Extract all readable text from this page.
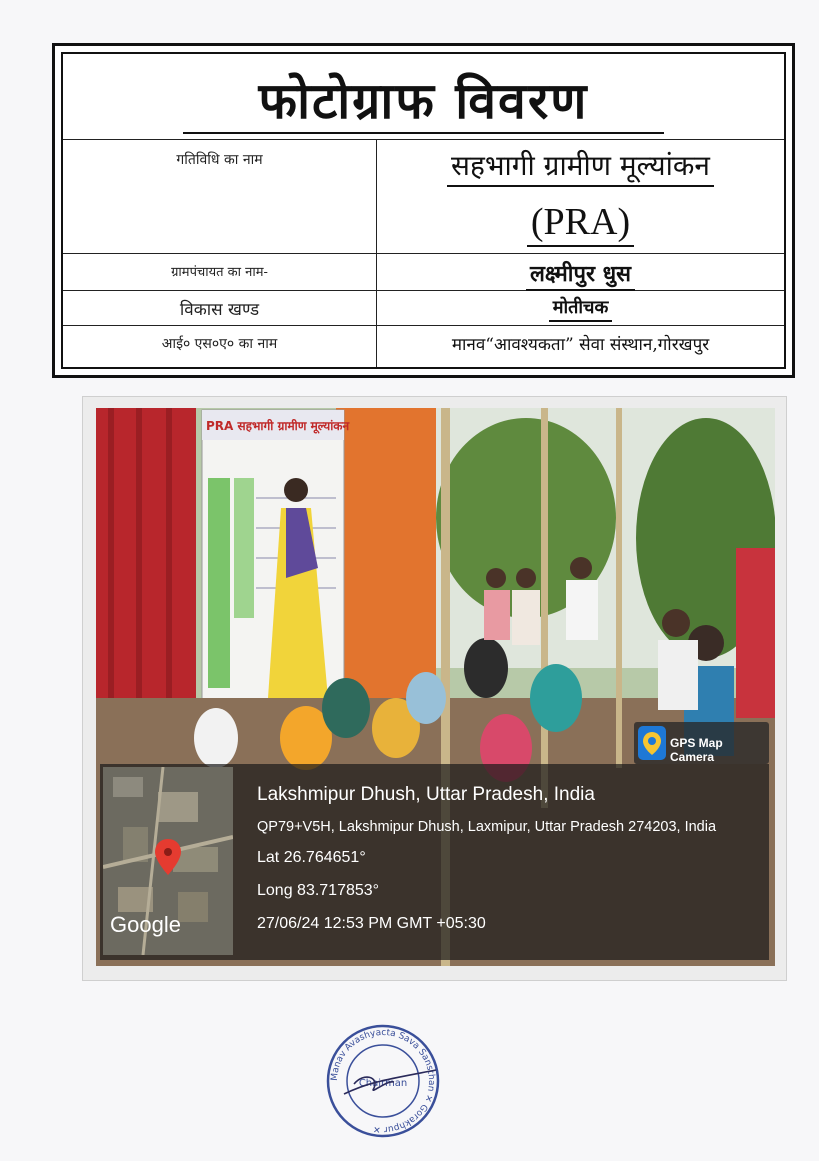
फोटोग्राफ विवरण
गतिविधि का नाम	सहभागी ग्रामीण मूल्यांकन
(PRA)
ग्रामपंचायत का नाम-	लक्ष्मीपुर धुस
विकास खण्ड	मोतीचक
आई० एस०ए० का नाम	मानव“आवश्यकता” सेवा संस्थान,गोरखपुर
PRA सहभागी ग्रामीण मूल्यांकन
GPS Map Camera
Google
Lakshmipur Dhush, Uttar Pradesh, India
QP79+V5H, Lakshmipur Dhush, Laxmipur, Uttar Pradesh 274203, India
Lat 26.764651°
Long 83.717853°
27/06/24 12:53 PM GMT +05:30
Manav Avashyacta Sava Sansthan ✕ Gorakhpur ✕
Chairman
